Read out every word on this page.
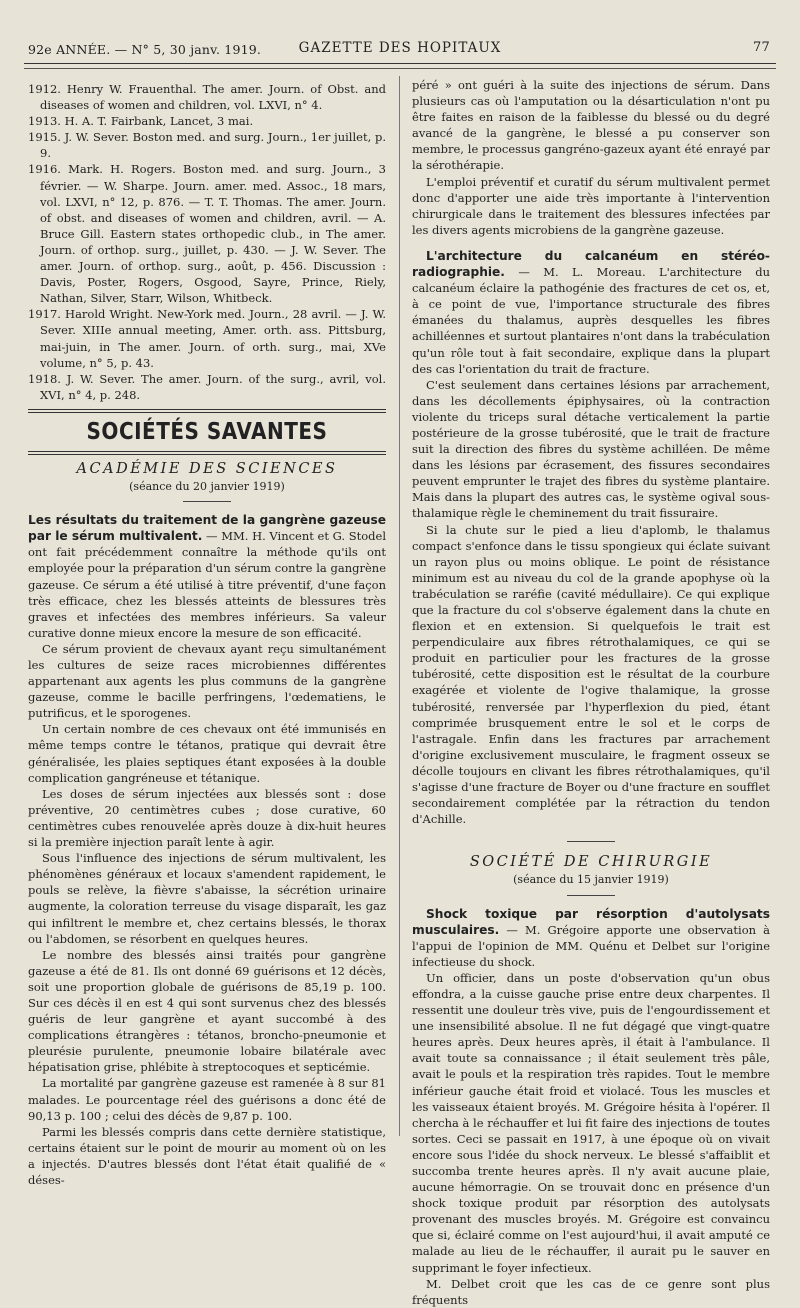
92e ANNÉE. — N° 5, 30 janv. 1919.	GAZETTE DES HOPITAUX	77

1912. Henry W. Frauenthal. The amer. Journ. of Obst. and diseases of women and children, vol. LXVI, n° 4.

1913. H. A. T. Fairbank, Lancet, 3 mai.

1915. J. W. Sever. Boston med. and surg. Journ., 1er juillet, p. 9.

1916. Mark. H. Rogers. Boston med. and surg. Journ., 3 février. — W. Sharpe. Journ. amer. med. Assoc., 18 mars, vol. LXVI, n° 12, p. 876. — T. T. Thomas. The amer. Journ. of obst. and diseases of women and children, avril. — A. Bruce Gill. Eastern states orthopedic club., in The amer. Journ. of orthop. surg., juillet, p. 430. — J. W. Sever. The amer. Journ. of orthop. surg., août, p. 456. Discussion : Davis, Poster, Rogers, Osgood, Sayre, Prince, Riely, Nathan, Silver, Starr, Wilson, Whitbeck.

1917. Harold Wright. New-York med. Journ., 28 avril. — J. W. Sever. XIIIe annual meeting, Amer. orth. ass. Pittsburg, mai-juin, in The amer. Journ. of orth. surg., mai, XVe volume, n° 5, p. 43.

1918. J. W. Sever. The amer. Journ. of the surg., avril, vol. XVI, n° 4, p. 248.

SOCIÉTÉS SAVANTES
ACADÉMIE DES SCIENCES
(séance du 20 janvier 1919)

Les résultats du traitement de la gangrène gazeuse par le sérum multivalent. — MM. H. Vincent et G. Stodel ont fait précédemment connaître la méthode qu'ils ont employée pour la préparation d'un sérum contre la gangrène gazeuse. Ce sérum a été utilisé à titre préventif, d'une façon très efficace, chez les blessés atteints de blessures très graves et infectées des membres inférieurs. Sa valeur curative donne mieux encore la mesure de son efficacité.

Ce sérum provient de chevaux ayant reçu simultanément les cultures de seize races microbiennes différentes appartenant aux agents les plus communs de la gangrène gazeuse, comme le bacille perfringens, l'œdematiens, le putrificus, et le sporogenes.

Un certain nombre de ces chevaux ont été immunisés en même temps contre le tétanos, pratique qui devrait être généralisée, les plaies septiques étant exposées à la double complication gangréneuse et tétanique.

Les doses de sérum injectées aux blessés sont : dose préventive, 20 centimètres cubes ; dose curative, 60 centimètres cubes renouvelée après douze à dix-huit heures si la première injection paraît lente à agir.

Sous l'influence des injections de sérum multivalent, les phénomènes généraux et locaux s'amendent rapidement, le pouls se relève, la fièvre s'abaisse, la sécrétion urinaire augmente, la coloration terreuse du visage disparaît, les gaz qui infiltrent le membre et, chez certains blessés, le thorax ou l'abdomen, se résorbent en quelques heures.

Le nombre des blessés ainsi traités pour gangrène gazeuse a été de 81. Ils ont donné 69 guérisons et 12 décès, soit une proportion globale de guérisons de 85,19 p. 100. Sur ces décès il en est 4 qui sont survenus chez des blessés guéris de leur gangrène et ayant succombé à des complications étrangères : tétanos, broncho-pneumonie et pleurésie purulente, pneumonie lobaire bilatérale avec hépatisation grise, phlébite à streptocoques et septicémie.

La mortalité par gangrène gazeuse est ramenée à 8 sur 81 malades. Le pourcentage réel des guérisons a donc été de 90,13 p. 100 ; celui des décès de 9,87 p. 100.

Parmi les blessés compris dans cette dernière statistique, certains étaient sur le point de mourir au moment où on les a injectés. D'autres blessés dont l'état était qualifié de « déses-

péré » ont guéri à la suite des injections de sérum. Dans plusieurs cas où l'amputation ou la désarticulation n'ont pu être faites en raison de la faiblesse du blessé ou du degré avancé de la gangrène, le blessé a pu conserver son membre, le processus gangréno-gazeux ayant été enrayé par la sérothérapie.

L'emploi préventif et curatif du sérum multivalent permet donc d'apporter une aide très importante à l'intervention chirurgicale dans le traitement des blessures infectées par les divers agents microbiens de la gangrène gazeuse.

L'architecture du calcanéum en stéréo-radiographie. — M. L. Moreau. L'architecture du calcanéum éclaire la pathogénie des fractures de cet os, et, à ce point de vue, l'importance structurale des fibres émanées du thalamus, auprès desquelles les fibres achilléennes et surtout plantaires n'ont dans la trabéculation qu'un rôle tout à fait secondaire, explique dans la plupart des cas l'orientation du trait de fracture.

C'est seulement dans certaines lésions par arrachement, dans les décollements épiphysaires, où la contraction violente du triceps sural détache verticalement la partie postérieure de la grosse tubérosité, que le trait de fracture suit la direction des fibres du système achilléen. De même dans les lésions par écrasement, des fissures secondaires peuvent emprunter le trajet des fibres du système plantaire. Mais dans la plupart des autres cas, le système ogival sous-thalamique règle le cheminement du trait fissuraire.

Si la chute sur le pied a lieu d'aplomb, le thalamus compact s'enfonce dans le tissu spongieux qui éclate suivant un rayon plus ou moins oblique. Le point de résistance minimum est au niveau du col de la grande apophyse où la trabéculation se raréfie (cavité médullaire). Ce qui explique que la fracture du col s'observe également dans la chute en flexion et en extension. Si quelquefois le trait est perpendiculaire aux fibres rétrothalamiques, ce qui se produit en particulier pour les fractures de la grosse tubérosité, cette disposition est le résultat de la courbure exagérée et violente de l'ogive thalamique, la grosse tubérosité, renversée par l'hyperflexion du pied, étant comprimée brusquement entre le sol et le corps de l'astragale. Enfin dans les fractures par arrachement d'origine exclusivement musculaire, le fragment osseux se décolle toujours en clivant les fibres rétrothalamiques, qu'il s'agisse d'une fracture de Boyer ou d'une fracture en soufflet secondairement complétée par la rétraction du tendon d'Achille.

SOCIÉTÉ DE CHIRURGIE
(séance du 15 janvier 1919)

Shock toxique par résorption d'autolysats musculaires. — M. Grégoire apporte une observation à l'appui de l'opinion de MM. Quénu et Delbet sur l'origine infectieuse du shock.

Un officier, dans un poste d'observation qu'un obus effondra, a la cuisse gauche prise entre deux charpentes. Il ressentit une douleur très vive, puis de l'engourdissement et une insensibilité absolue. Il ne fut dégagé que vingt-quatre heures après. Deux heures après, il était à l'ambulance. Il avait toute sa connaissance ; il était seulement très pâle, avait le pouls et la respiration très rapides. Tout le membre inférieur gauche était froid et violacé. Tous les muscles et les vaisseaux étaient broyés. M. Grégoire hésita à l'opérer. Il chercha à le réchauffer et lui fit faire des injections de toutes sortes. Ceci se passait en 1917, à une époque où on vivait encore sous l'idée du shock nerveux. Le blessé s'affaiblit et succomba trente heures après. Il n'y avait aucune plaie, aucune hémorragie. On se trouvait donc en présence d'un shock toxique produit par résorption des autolysats provenant des muscles broyés. M. Grégoire est convaincu que si, éclairé comme on l'est aujourd'hui, il avait amputé ce malade au lieu de le réchauffer, il aurait pu le sauver en supprimant le foyer infectieux.

M. Delbet croit que les cas de ce genre sont plus fréquents
